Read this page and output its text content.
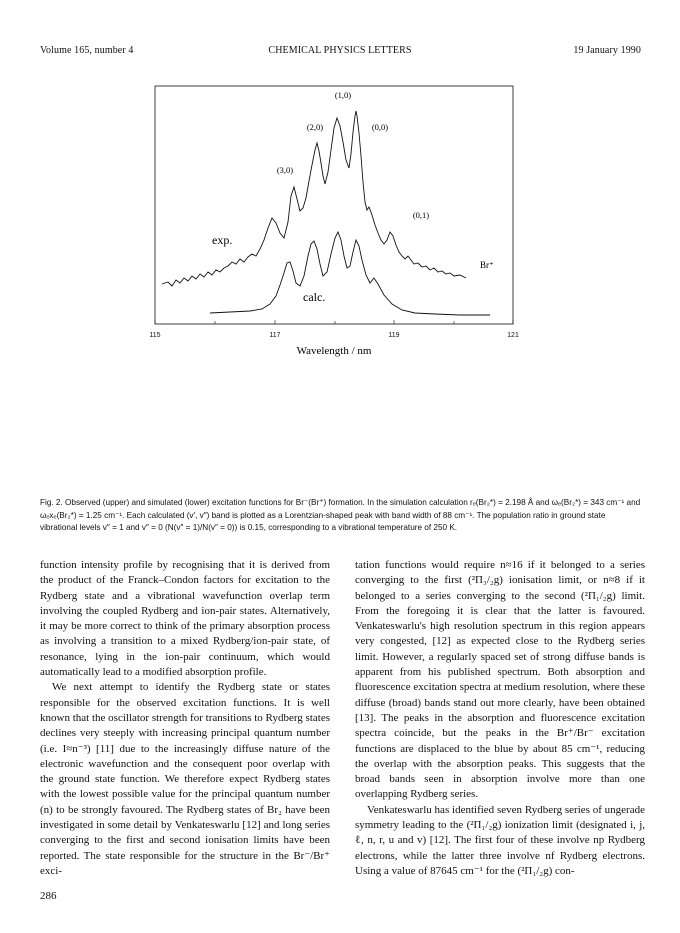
Volume 165, number 4	CHEMICAL PHYSICS LETTERS	19 January 1990
115	117	119	121
Wavelength / nm
(1,0)
(2,0)	(0,0)
(3,0)
(0,1)
exp.
calc.
Br⁺
Fig. 2. Observed (upper) and simulated (lower) excitation functions for Br⁻(Br⁺) formation. In the simulation calculation rₑ(Br₂*) = 2.198 Å and ωₑ(Br₂*) = 343 cm⁻¹ and ωₑxₑ(Br₂*) = 1.25 cm⁻¹. Each calculated (v′, v″) band is plotted as a Lorentzian-shaped peak with band width of 88 cm⁻¹. The population ratio in ground state vibrational levels v″ = 1 and v″ = 0 (N(v″ = 1)/N(v″ = 0)) is 0.15, corresponding to a vibrational temperature of 250 K.

function intensity profile by recognising that it is derived from the product of the Franck–Condon factors for excitation to the Rydberg state and a vibrational wavefunction overlap term involving the coupled Rydberg and ion-pair states. Alternatively, it may be more correct to think of the primary absorption process as involving a transition to a mixed Rydberg/ion-pair state, of resonance, lying in the ion-pair continuum, which would automatically lead to a modified absorption profile.

We next attempt to identify the Rydberg state or states responsible for the observed excitation functions. It is well known that the oscillator strength for transitions to Rydberg states declines very steeply with increasing principal quantum number (i.e. I≈n⁻³) [11] due to the increasingly diffuse nature of the electronic wavefunction and the consequent poor overlap with the ground state function. We therefore expect Rydberg states with the lowest possible value for the principal quantum number (n) to be strongly favoured. The Rydberg states of Br₂ have been investigated in some detail by Venkateswarlu [12] and long series converging to the first and second ionisation limits have been reported. The state responsible for the structure in the Br⁻/Br⁺ exci-

tation functions would require n≈16 if it belonged to a series converging to the first (²Π₃/₂g) ionisation limit, or n≈8 if it belonged to a series converging to the second (²Π₁/₂g) limit. From the foregoing it is clear that the latter is favoured. Venkateswarlu's high resolution spectrum in this region appears very congested, [12] as expected close to the Rydberg series limit. However, a regularly spaced set of strong diffuse bands is apparent from his published spectrum. Both absorption and fluorescence excitation spectra at medium resolution, where these diffuse (broad) bands stand out more clearly, have been obtained [13]. The peaks in the absorption and fluorescence excitation spectra coincide, but the peaks in the Br⁺/Br⁻ excitation functions are displaced to the blue by about 85 cm⁻¹, reducing the overlap with the absorption peaks. This suggests that the broad bands seen in absorption involve more than one overlapping Rydberg series.

Venkateswarlu has identified seven Rydberg series of ungerade symmetry leading to the (²Π₁/₂g) ionization limit (designated i, j, ℓ, n, r, u and v) [12]. The first four of these involve np Rydberg electrons, while the latter three involve nf Rydberg electrons. Using a value of 87645 cm⁻¹ for the (²Π₁/₂g) con-

286
